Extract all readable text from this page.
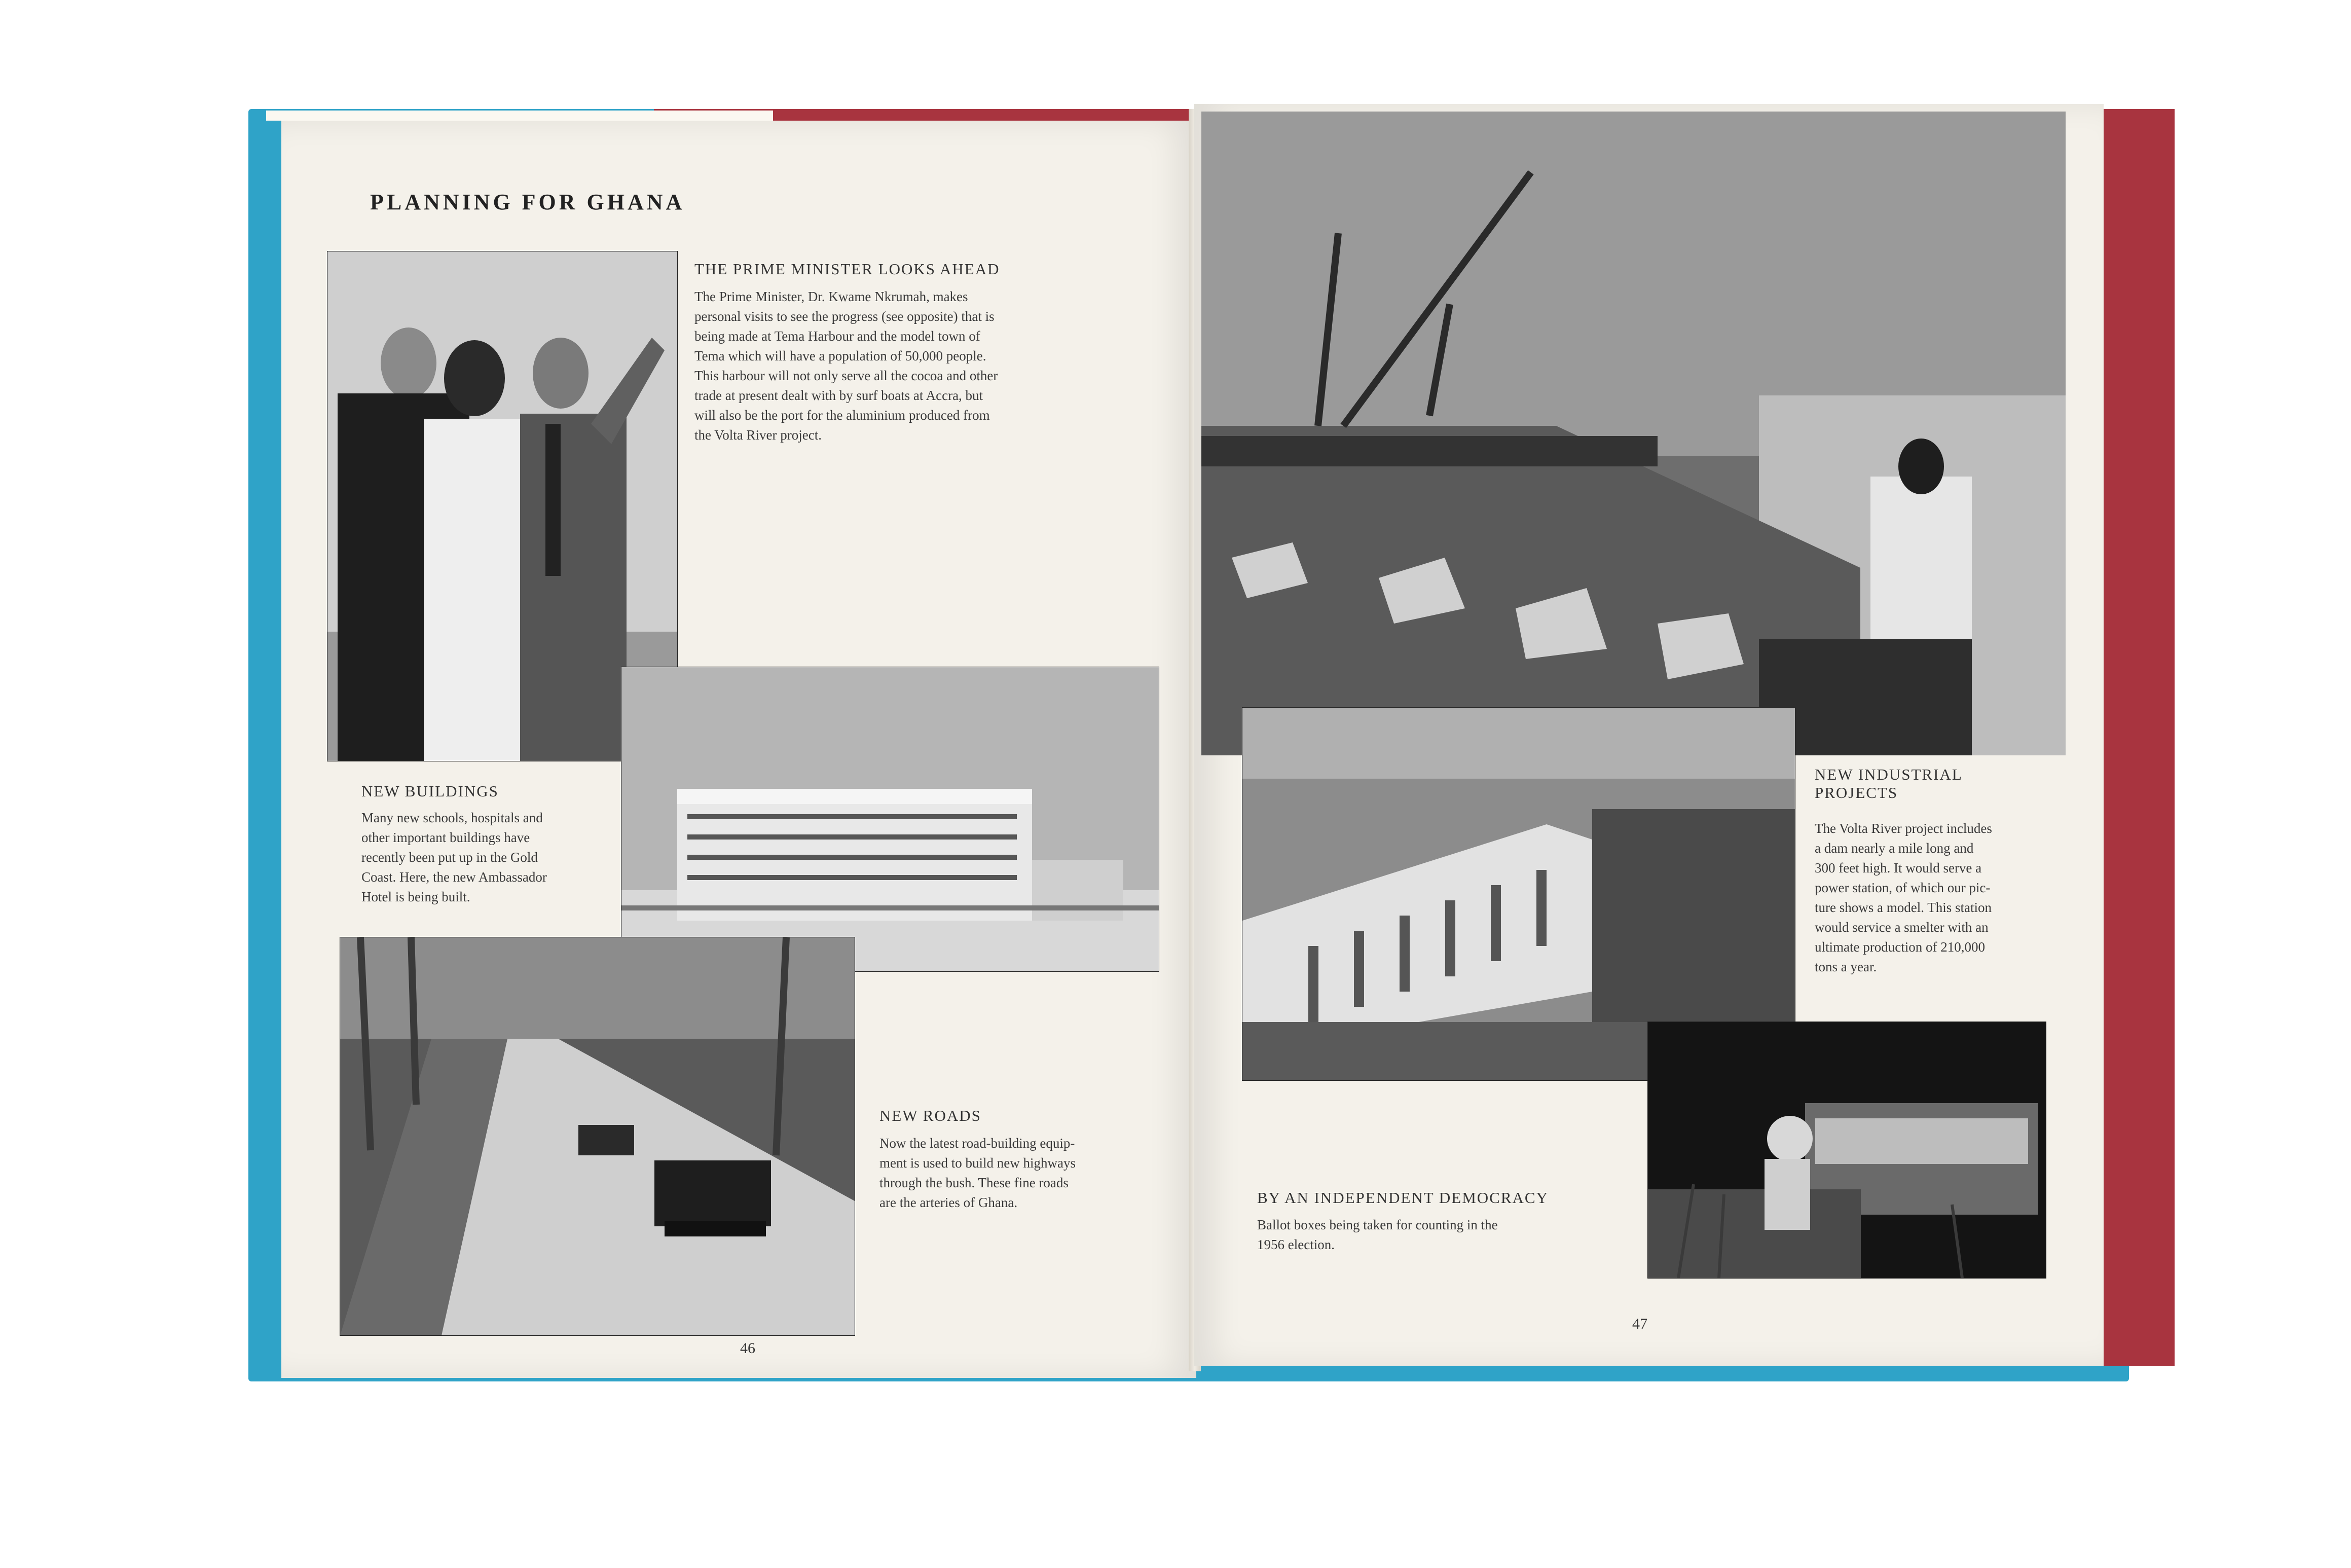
PLANNING FOR GHANA
THE PRIME MINISTER LOOKS AHEAD
The Prime Minister, Dr. Kwame Nkrumah, makes
personal visits to see the progress (see opposite) that is
being made at Tema Harbour and the model town of
Tema which will have a population of 50,000 people.
This harbour will not only serve all the cocoa and other
trade at present dealt with by surf boats at Accra, but
will also be the port for the aluminium produced from
the Volta River project.
NEW BUILDINGS
Many new schools, hospitals and
other important buildings have
recently been put up in the Gold
Coast. Here, the new Ambassador
Hotel is being built.
NEW ROADS
Now the latest road-building equip-
ment is used to build new highways
through the bush. These fine roads
are the arteries of Ghana.
46
NEW INDUSTRIAL
PROJECTS
The Volta River project includes
a dam nearly a mile long and
300 feet high. It would serve a
power station, of which our pic-
ture shows a model. This station
would service a smelter with an
ultimate production of 210,000
tons a year.
BY AN INDEPENDENT DEMOCRACY
Ballot boxes being taken for counting in the
1956 election.
47
